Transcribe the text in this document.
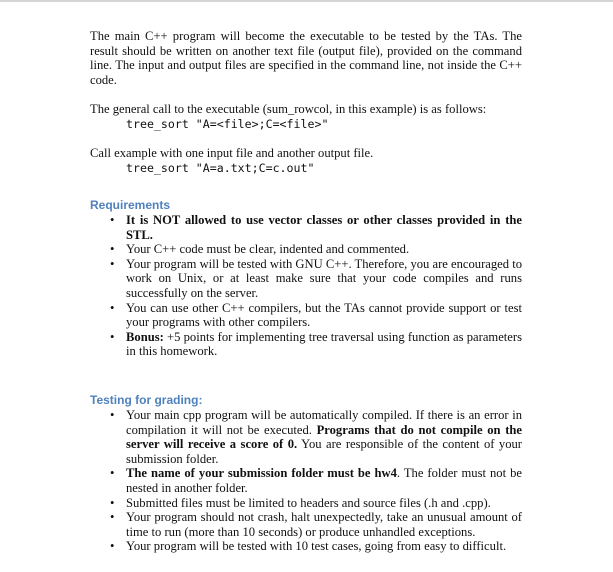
The main C++ program will become the executable to be tested by the TAs. The result should be written on another text file (output file), provided on the command line. The input and output files are specified in the command line, not inside the C++ code.

The general call to the executable (sum_rowcol, in this example) is as follows:

tree_sort "A=<file>;C=<file>"

Call example with one input file and another output file.

tree_sort "A=a.txt;C=c.out"
Requirements
• It is NOT allowed to use vector classes or other classes provided in the STL.
• Your C++ code must be clear, indented and commented.
• Your program will be tested with GNU C++. Therefore, you are encouraged to work on Unix, or at least make sure that your code compiles and runs successfully on the server.
• You can use other C++ compilers, but the TAs cannot provide support or test your programs with other compilers.
• Bonus: +5 points for implementing tree traversal using function as parameters in this homework.
Testing for grading:
• Your main cpp program will be automatically compiled. If there is an error in compilation it will not be executed. Programs that do not compile on the server will receive a score of 0. You are responsible of the content of your submission folder.
• The name of your submission folder must be hw4. The folder must not be nested in another folder.
• Submitted files must be limited to headers and source files (.h and .cpp).
• Your program should not crash, halt unexpectedly, take an unusual amount of time to run (more than 10 seconds) or produce unhandled exceptions.
• Your program will be tested with 10 test cases, going from easy to difficult.
